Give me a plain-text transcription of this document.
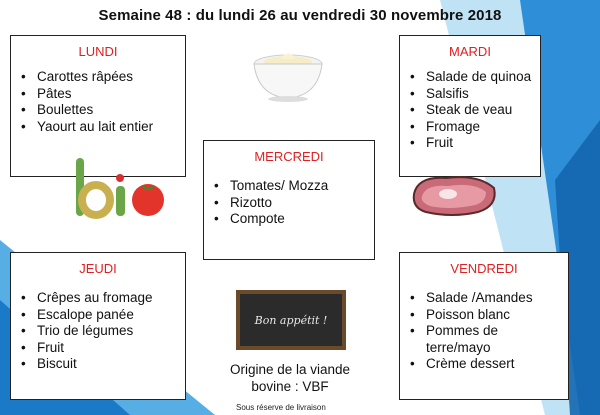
Semaine 48 : du lundi 26 au vendredi 30 novembre 2018
LUNDI
• Carottes râpées
• Pâtes
• Boulettes
• Yaourt au lait entier
MARDI
• Salade de quinoa
• Salsifis
• Steak de veau
• Fromage
• Fruit
MERCREDI
• Tomates/ Mozza
• Rizotto
• Compote
JEUDI
• Crêpes au fromage
• Escalope panée
• Trio de légumes
• Fruit
• Biscuit
VENDREDI
• Salade /Amandes
• Poisson blanc
• Pommes de terre/mayo
• Crème dessert
Bon appétit !
Origine de la viande
bovine : VBF
Sous réserve de livraison
